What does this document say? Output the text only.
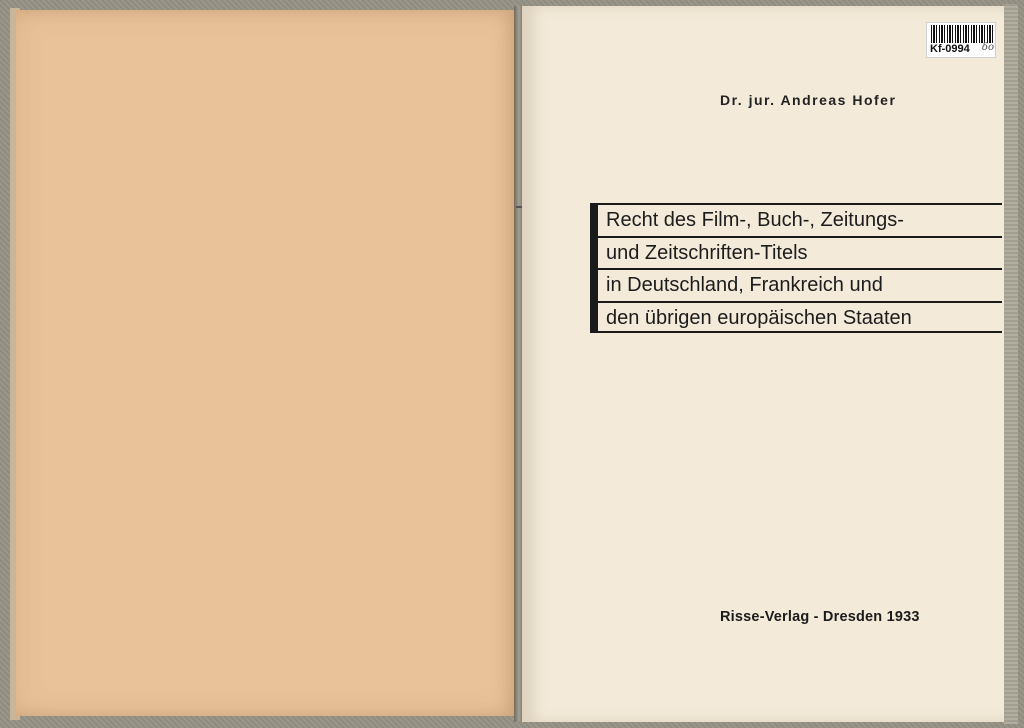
Kf-0994 δο
Dr. jur. Andreas Hofer
Recht des Film-, Buch-, Zeitungs-
und Zeitschriften-Titels
in Deutschland, Frankreich und
den übrigen europäischen Staaten
Risse-Verlag - Dresden 1933
